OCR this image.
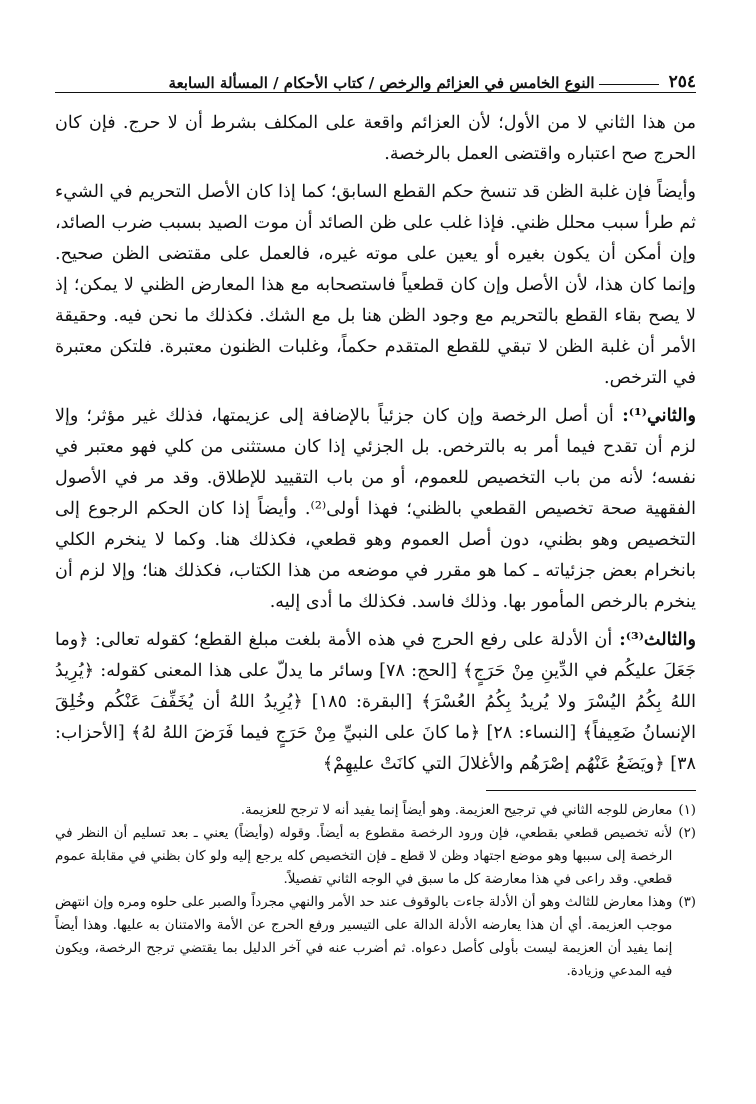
٢٥٤
النوع الخامس في العزائم والرخص / كتاب الأحكام / المسألة السابعة

من هذا الثاني لا من الأول؛ لأن العزائم واقعة على المكلف بشرط أن لا حرج. فإن كان الحرج صح اعتباره واقتضى العمل بالرخصة.

وأيضاً فإن غلبة الظن قد تنسخ حكم القطع السابق؛ كما إذا كان الأصل التحريم في الشيء ثم طرأ سبب محلل ظني. فإذا غلب على ظن الصائد أن موت الصيد بسبب ضرب الصائد، وإن أمكن أن يكون بغيره أو يعين على موته غيره، فالعمل على مقتضى الظن صحيح. وإنما كان هذا، لأن الأصل وإن كان قطعياً فاستصحابه مع هذا المعارض الظني لا يمكن؛ إذ لا يصح بقاء القطع بالتحريم مع وجود الظن هنا بل مع الشك. فكذلك ما نحن فيه. وحقيقة الأمر أن غلبة الظن لا تبقي للقطع المتقدم حكماً، وغلبات الظنون معتبرة. فلتكن معتبرة في الترخص.

والثاني⁽¹⁾: أن أصل الرخصة وإن كان جزئياً بالإضافة إلى عزيمتها، فذلك غير مؤثر؛ وإلا لزم أن تقدح فيما أمر به بالترخص. بل الجزئي إذا كان مستثنى من كلي فهو معتبر في نفسه؛ لأنه من باب التخصيص للعموم، أو من باب التقييد للإطلاق. وقد مر في الأصول الفقهية صحة تخصيص القطعي بالظني؛ فهذا أولى⁽²⁾. وأيضاً إذا كان الحكم الرجوع إلى التخصيص وهو بظني، دون أصل العموم وهو قطعي، فكذلك هنا. وكما لا ينخرم الكلي بانخرام بعض جزئياته ـ كما هو مقرر في موضعه من هذا الكتاب، فكذلك هنا؛ وإلا لزم أن ينخرم بالرخص المأمور بها. وذلك فاسد. فكذلك ما أدى إليه.

والثالث⁽³⁾: أن الأدلة على رفع الحرج في هذه الأمة بلغت مبلغ القطع؛ كقوله تعالى: ﴿وما جَعَلَ عليكُم في الدِّينِ مِنْ حَرَجٍ﴾ [الحج: ٧٨] وسائر ما يدلّ على هذا المعنى كقوله: ﴿يُرِيدُ اللهُ بِكُمُ اليُسْرَ ولا يُريدُ بِكُمُ العُسْرَ﴾ [البقرة: ١٨٥] ﴿يُرِيدُ اللهُ أن يُخَفِّفَ عَنْكُم وخُلِقَ الإنسانُ ضَعِيفاً﴾ [النساء: ٢٨] ﴿ما كانَ على النبيِّ مِنْ حَرَجٍ فيما فَرَضَ اللهُ لهُ﴾ [الأحزاب: ٣٨] ﴿ويَضَعُ عَنْهُم إصْرَهُم والأغلالَ التي كانَتْ عليهِمْ﴾

(١)
معارض للوجه الثاني في ترجيح العزيمة. وهو أيضاً إنما يفيد أنه لا ترجح للعزيمة.
(٢)
لأنه تخصيص قطعي بقطعي، فإن ورود الرخصة مقطوع به أيضاً. وقوله (وأيضاً) يعني ـ بعد تسليم أن النظر في الرخصة إلى سببها وهو موضع اجتهاد وظن لا قطع ـ فإن التخصيص كله يرجع إليه ولو كان بظني في مقابلة عموم قطعي. وقد راعى في هذا معارضة كل ما سبق في الوجه الثاني تفصيلاً.
(٣)
وهذا معارض للثالث وهو أن الأدلة جاءت بالوقوف عند حد الأمر والنهي مجرداً والصبر على حلوه ومره وإن انتهض موجب العزيمة. أي أن هذا يعارضه الأدلة الدالة على التيسير ورفع الحرج عن الأمة والامتنان به عليها. وهذا أيضاً إنما يفيد أن العزيمة ليست بأولى كأصل دعواه. ثم أضرب عنه في آخر الدليل بما يقتضي ترجح الرخصة، ويكون فيه المدعي وزيادة.
